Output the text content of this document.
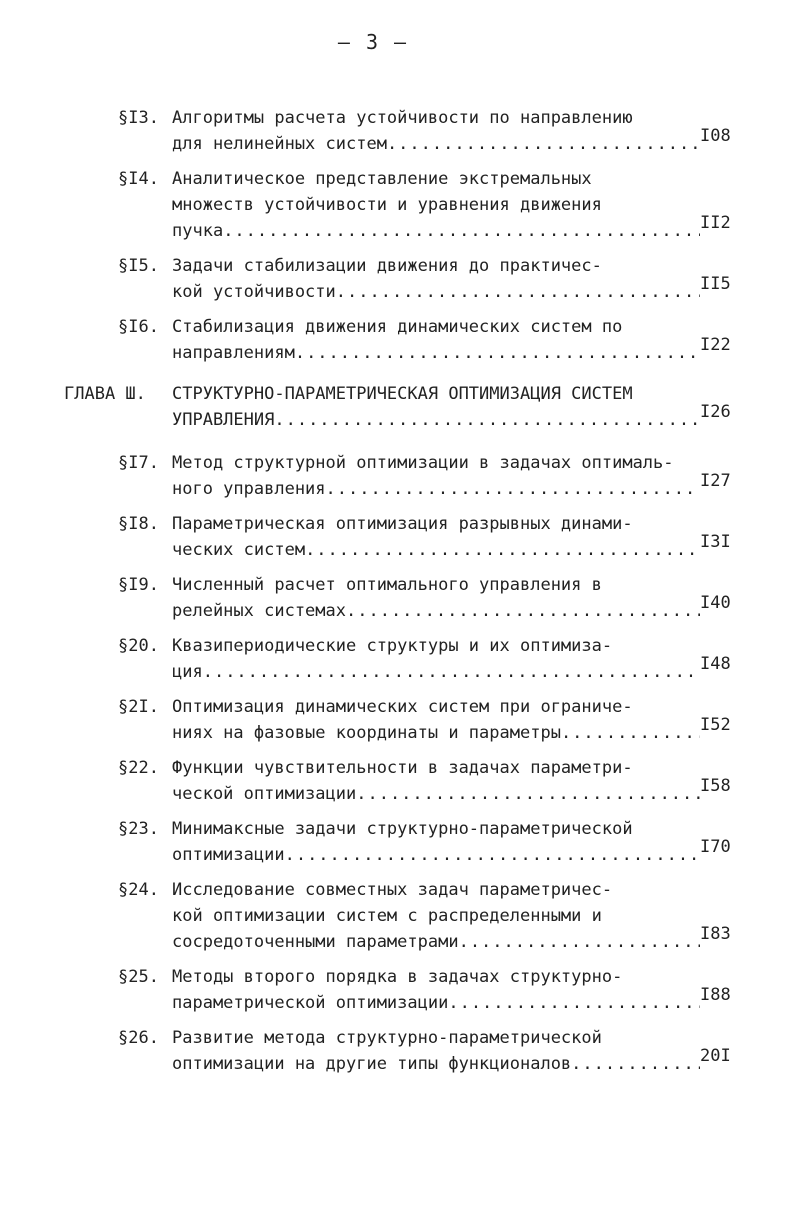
– 3 –
§I3. Алгоритмы расчета устойчивости по направлению
для нелинейных систем .....	I08
§I4. Аналитическое представление экстремальных
множеств устойчивости и уравнения движения
пучка .....	II2
§I5. Задачи стабилизации движения до практичес-
кой устойчивости .....	II5
§I6. Стабилизация движения динамических систем по
направлениям .....	I22
ГЛАВА Ш. СТРУКТУРНО-ПАРАМЕТРИЧЕСКАЯ ОПТИМИЗАЦИЯ СИСТЕМ
УПРАВЛЕНИЯ .....	I26
§I7. Метод структурной оптимизации в задачах оптималь-
ного управления .....	I27
§I8. Параметрическая оптимизация разрывных динами-
ческих систем .....	I3I
§I9. Численный расчет оптимального управления в
релейных системах .....	I40
§20. Квазипериодические структуры и их оптимиза-
ция .....	I48
§2I. Оптимизация динамических систем при ограниче-
ниях на фазовые координаты и параметры .....	I52
§22. Функции чувствительности в задачах параметри-
ческой оптимизации .....	I58
§23. Минимаксные задачи структурно-параметрической
оптимизации .....	I70
§24. Исследование совместных задач параметричес-
кой оптимизации систем с распределенными и
сосредоточенными параметрами .....	I83
§25. Методы второго порядка в задачах структурно-
параметрической оптимизации .....	I88
§26. Развитие метода структурно-параметрической
оптимизации на другие типы функционалов .....	20I
